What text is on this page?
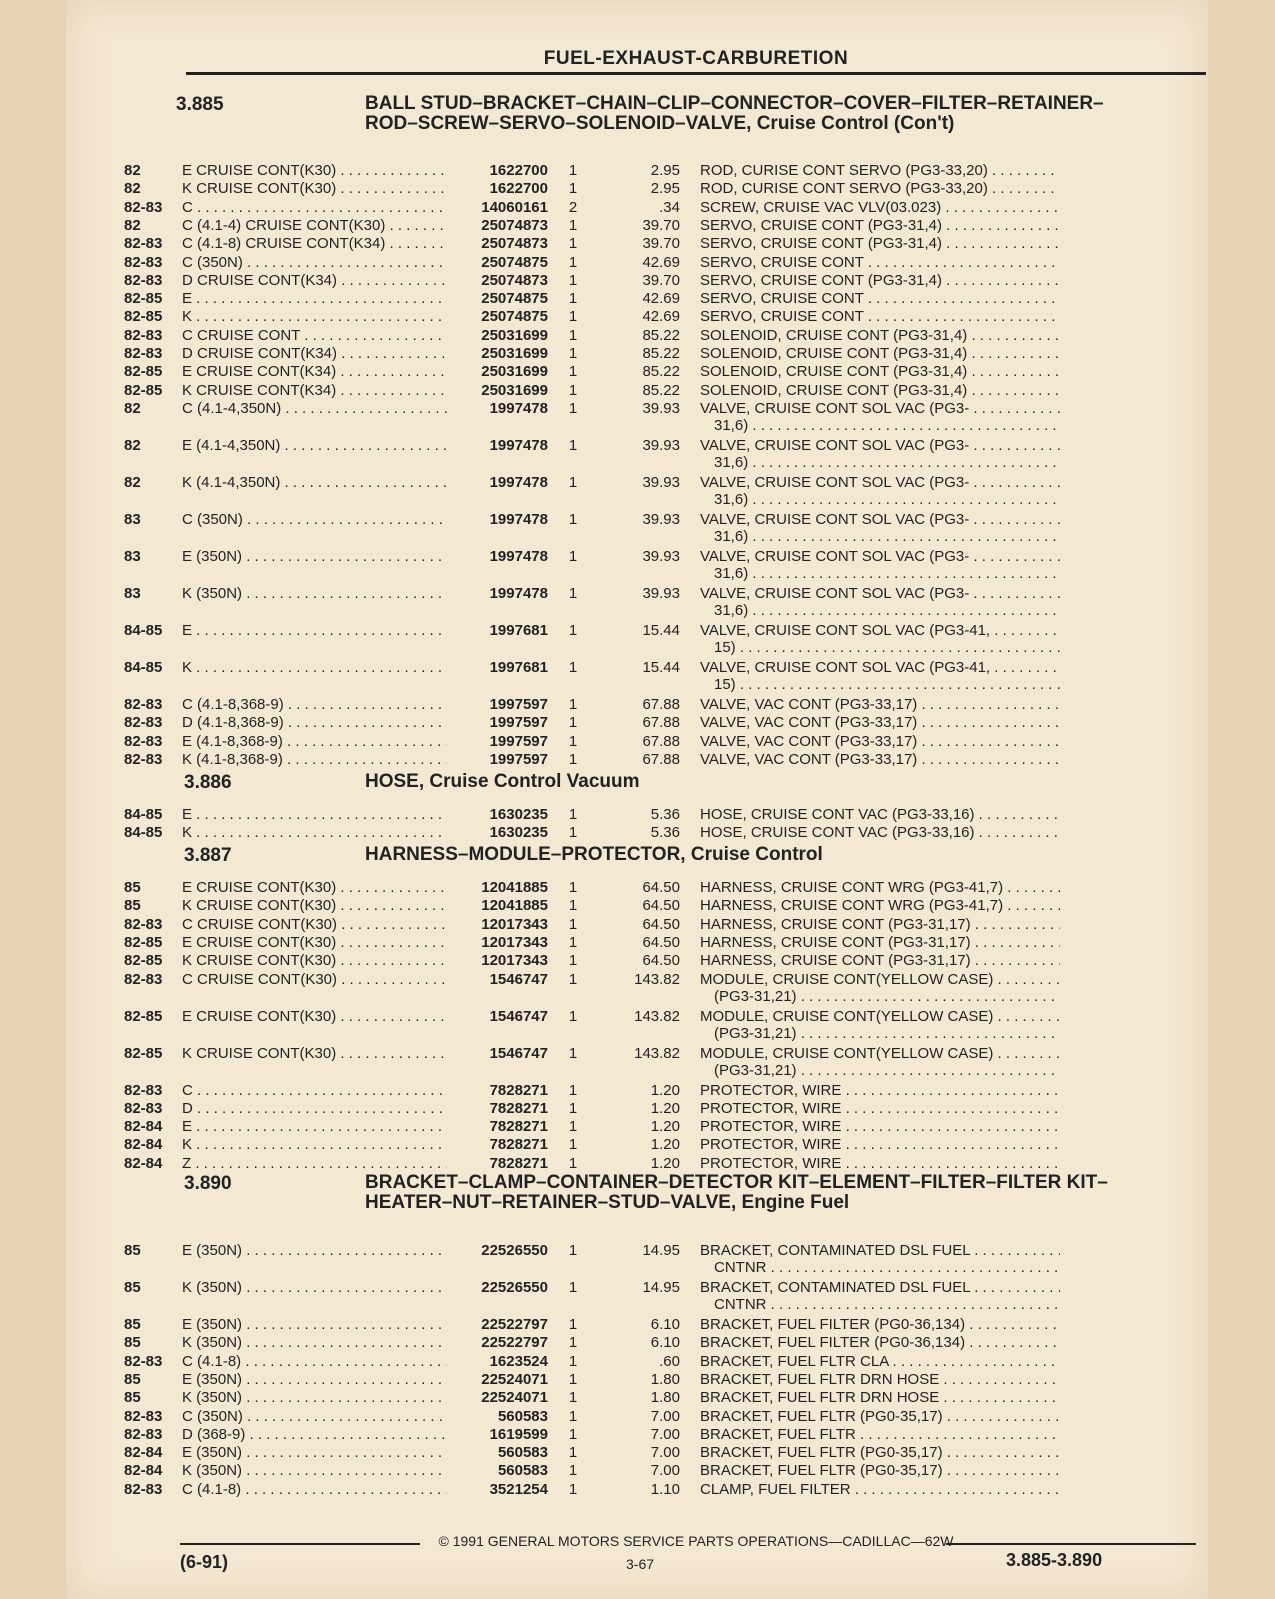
FUEL-EXHAUST-CARBURETION
3.885	BALL STUD–BRACKET–CHAIN–CLIP–CONNECTOR–COVER–FILTER–RETAINER–ROD–SCREW–SERVO–SOLENOID–VALVE, Cruise Control (Con't)
82	E CRUISE CONT(K30) . . .	1622700	1	2.95 ROD, CURISE CONT SERVO (PG3-33,20) . . . .
82	K CRUISE CONT(K30) . . .	1622700	1	2.95 ROD, CURISE CONT SERVO (PG3-33,20) . . . .
82-83 C . . .	14060161	2	.34 SCREW, CRUISE VAC VLV(03.023) . . .
82	C (4.1-4) CRUISE CONT(K30) . . .	25074873	1	39.70 SERVO, CRUISE CONT (PG3-31,4) . . .
82-83 C (4.1-8) CRUISE CONT(K34) . . .	25074873	1	39.70 SERVO, CRUISE CONT (PG3-31,4) . . .
82-83 C (350N) . . .	25074875	1	42.69 SERVO, CRUISE CONT . . .
82-83 D CRUISE CONT(K34) . . .	25074873	1	39.70 SERVO, CRUISE CONT (PG3-31,4) . . .
82-85 E . . .	25074875	1	42.69 SERVO, CRUISE CONT . . .
82-85 K . . .	25074875	1	42.69 SERVO, CRUISE CONT . . .
82-83 C CRUISE CONT . . .	25031699	1	85.22 SOLENOID, CRUISE CONT (PG3-31,4) . . .
82-83 D CRUISE CONT(K34) . . .	25031699	1	85.22 SOLENOID, CRUISE CONT (PG3-31,4) . . .
82-85 E CRUISE CONT(K34) . . .	25031699	1	85.22 SOLENOID, CRUISE CONT (PG3-31,4) . . .
82-85 K CRUISE CONT(K34) . . .	25031699	1	85.22 SOLENOID, CRUISE CONT (PG3-31,4) . . .
82	C (4.1-4,350N) . . .	1997478	1	39.93 VALVE, CRUISE CONT SOL VAC (PG3- . . .
31,6) . . .
82	E (4.1-4,350N) . . .	1997478	1	39.93 VALVE, CRUISE CONT SOL VAC (PG3- . . .
31,6) . . .
82	K (4.1-4,350N) . . .	1997478	1	39.93 VALVE, CRUISE CONT SOL VAC (PG3- . . .
31,6) . . .
83	C (350N) . . .	1997478	1	39.93 VALVE, CRUISE CONT SOL VAC (PG3- . . .
31,6) . . .
83	E (350N) . . .	1997478	1	39.93 VALVE, CRUISE CONT SOL VAC (PG3- . . .
31,6) . . .
83	K (350N) . . .	1997478	1	39.93 VALVE, CRUISE CONT SOL VAC (PG3- . . .
31,6) . . .
84-85 E . . .	1997681	1	15.44 VALVE, CRUISE CONT SOL VAC (PG3-41, . . .
15) . . .
84-85 K . . .	1997681	1	15.44 VALVE, CRUISE CONT SOL VAC (PG3-41, . . .
15) . . .
82-83 C (4.1-8,368-9) . . .	1997597	1	67.88 VALVE, VAC CONT (PG3-33,17) . . .
82-83 D (4.1-8,368-9) . . .	1997597	1	67.88 VALVE, VAC CONT (PG3-33,17) . . .
82-83 E (4.1-8,368-9) . . .	1997597	1	67.88 VALVE, VAC CONT (PG3-33,17) . . .
82-83 K (4.1-8,368-9) . . .	1997597	1	67.88 VALVE, VAC CONT (PG3-33,17) . . .
3.886	HOSE, Cruise Control Vacuum
84-85 E . . .	1630235	1	5.36 HOSE, CRUISE CONT VAC (PG3-33,16) . . .
84-85 K . . .	1630235	1	5.36 HOSE, CRUISE CONT VAC (PG3-33,16) . . .
3.887	HARNESS–MODULE–PROTECTOR, Cruise Control
85	E CRUISE CONT(K30) . . .	12041885	1	64.50 HARNESS, CRUISE CONT WRG (PG3-41,7) . . .
85	K CRUISE CONT(K30) . . .	12041885	1	64.50 HARNESS, CRUISE CONT WRG (PG3-41,7) . . .
82-83 C CRUISE CONT(K30) . . .	12017343	1	64.50 HARNESS, CRUISE CONT (PG3-31,17) . . .
82-85 E CRUISE CONT(K30) . . .	12017343	1	64.50 HARNESS, CRUISE CONT (PG3-31,17) . . .
82-85 K CRUISE CONT(K30) . . .	12017343	1	64.50 HARNESS, CRUISE CONT (PG3-31,17) . . .
82-83 C CRUISE CONT(K30) . . .	1546747	1	143.82 MODULE, CRUISE CONT(YELLOW CASE) . . .
(PG3-31,21) . . .
82-85 E CRUISE CONT(K30) . . .	1546747	1	143.82 MODULE, CRUISE CONT(YELLOW CASE) . . .
(PG3-31,21) . . .
82-85 K CRUISE CONT(K30) . . .	1546747	1	143.82 MODULE, CRUISE CONT(YELLOW CASE) . . .
(PG3-31,21) . . .
82-83 C . . .	7828271	1	1.20 PROTECTOR, WIRE . . .
82-83 D . . .	7828271	1	1.20 PROTECTOR, WIRE . . .
82-84 E . . .	7828271	1	1.20 PROTECTOR, WIRE . . .
82-84 K . . .	7828271	1	1.20 PROTECTOR, WIRE . . .
82-84 Z . . .	7828271	1	1.20 PROTECTOR, WIRE . . .
3.890	BRACKET–CLAMP–CONTAINER–DETECTOR KIT–ELEMENT–FILTER–FILTER KIT–HEATER–NUT–RETAINER–STUD–VALVE, Engine Fuel
85	E (350N) . . .	22526550	1	14.95 BRACKET, CONTAMINATED DSL FUEL . . .
CNTNR . . .
85	K (350N) . . .	22526550	1	14.95 BRACKET, CONTAMINATED DSL FUEL . . .
CNTNR . . .
85	E (350N) . . .	22522797	1	6.10 BRACKET, FUEL FILTER (PG0-36,134) . . .
85	K (350N) . . .	22522797	1	6.10 BRACKET, FUEL FILTER (PG0-36,134) . . .
82-83 C (4.1-8) . . .	1623524	1	.60 BRACKET, FUEL FLTR CLA . . .
85	E (350N) . . .	22524071	1	1.80 BRACKET, FUEL FLTR DRN HOSE . . .
85	K (350N) . . .	22524071	1	1.80 BRACKET, FUEL FLTR DRN HOSE . . .
82-83 C (350N) . . .	560583	1	7.00 BRACKET, FUEL FLTR (PG0-35,17) . . .
82-83 D (368-9) . . .	1619599	1	7.00 BRACKET, FUEL FLTR . . .
82-84 E (350N) . . .	560583	1	7.00 BRACKET, FUEL FLTR (PG0-35,17) . . .
82-84 K (350N) . . .	560583	1	7.00 BRACKET, FUEL FLTR (PG0-35,17) . . .
82-83 C (4.1-8) . . .	3521254	1	1.10 CLAMP, FUEL FILTER . . .
© 1991 GENERAL MOTORS SERVICE PARTS OPERATIONS—CADILLAC—62W
(6-91)	3-67	3.885-3.890
